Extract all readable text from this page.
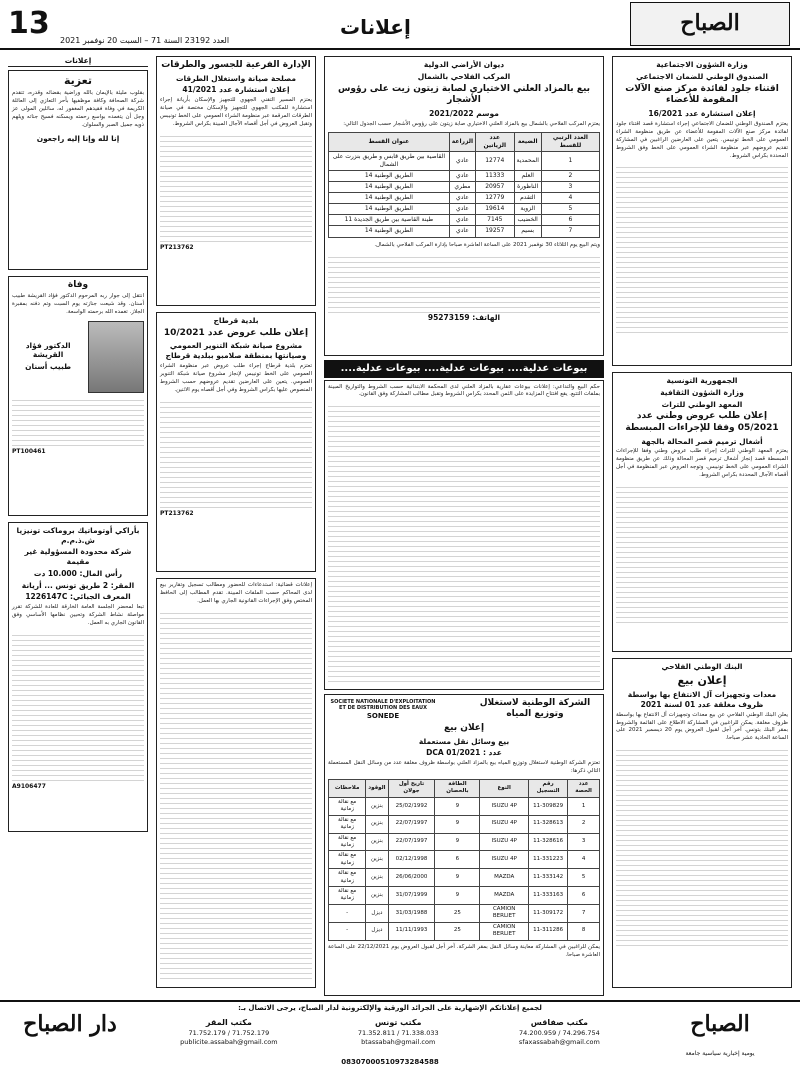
13 العدد 23192 السنة 71 – السبت 20 نوفمبر 2021
إعلانات	الصباح
وزارة الشؤون الاجتماعية
الصندوق الوطني للضمان الاجتماعي
اقتناء جلود لفائدة مركز صنع الآلات المقومة للأعضاء
إعلان استشارة عدد 16/2021
يعتزم الصندوق الوطني للضمان الاجتماعي إجراء استشارة قصد اقتناء جلود لفائدة مركز صنع الآلات المقومة للأعضاء عن طريق منظومة الشراء العمومي على الخط تونيبس. يتعين على العارضين الراغبين في المشاركة تقديم عروضهم عبر منظومة الشراء العمومي على الخط وفق الشروط المحددة بكراس الشروط.
الجمهورية التونسية
وزارة الشؤون الثقافية
المعهد الوطني للتراث
إعلان طلب عروض وطني عدد 05/2021 وفقا للإجراءات المبسطة
أشغال ترميم قصر المحالة بالجهة
يعتزم المعهد الوطني للتراث إجراء طلب عروض وطني وفقا للإجراءات المبسطة قصد إنجاز أشغال ترميم قصر المحالة وذلك عن طريق منظومة الشراء العمومي على الخط تونيبس. وتوجه العروض عبر المنظومة في أجل أقصاه الآجال المحددة بكراس الشروط.
البنك الوطني الفلاحي
إعلان بيع
معدات وتجهيزات آل الانتفاع بها بواسطة ظروف مغلقة عدد 01 لسنة 2021
يعلن البنك الوطني الفلاحي عن بيع معدات وتجهيزات آل الانتفاع بها بواسطة ظروف مغلقة. يمكن للراغبين في المشاركة الاطلاع على القائمة والشروط بمقر البنك بتونس. آخر أجل لقبول العروض يوم 20 ديسمبر 2021 على الساعة الحادية عشر صباحا.
ديوان الأراضي الدولية
المركب الفلاحي بالشمال
بيع بالمزاد العلني الاختياري لصابة زيتون زيت على رؤوس الأشجار
موسم 2021/2022
يعتزم المركب الفلاحي بالشمال بيع بالمزاد العلني الاختياري صابة زيتون على رؤوس الأشجار حسب الجدول التالي:
العدد الرتبي للقسط	الضيعة	عدد الزياتين	الزراعة	عنوان القسط
1	المحمدية	12774	عادي	القاصية بين طريق قابس و طريق بنزرت على الشمال
2	العلم	11333	عادي	الطريق الوطنية 14
3	الناظورة	20957	مطري	الطريق الوطنية 14
4	التقدم	12779	عادي	الطريق الوطنية 14
5	الزوية	19614	عادي	الطريق الوطنية 14
6	الخضيب	7145	عادي	طينة القاصية بين طريق الجديدة 11
7	بسيم	19257	عادي	الطريق الوطنية 14
ويتم البيع يوم الثلاثاء 30 نوفمبر 2021 على الساعة العاشرة صباحا بإدارة المركب الفلاحي بالشمال.
الهاتف: 95273159
بيوعات عدلية.... بيوعات عدلية.... بيوعات عدلية....
حكم البيع والتداعي: إعلانات بيوعات عقارية بالمزاد العلني لدى المحكمة الابتدائية حسب الشروط والتواريخ المبينة بملفات التتبع. يقع افتتاح المزايدة على الثمن المحدد بكراس الشروط وتقبل مطالب المشاركة وفق القانون.
الشركة الوطنية لاستغلال وتوزيع المياه
SOCIETE NATIONALE D'EXPLOITATION ET DE DISTRIBUTION DES EAUX
SONEDE
إعلان بيع
بيع وسائل نقل مستعملة
عدد : DCA 01/2021
تعتزم الشركة الوطنية لاستغلال وتوزيع المياه بيع بالمزاد العلني بواسطة ظروف مغلقة عدد من وسائل النقل المستعملة التالي ذكرها:
عدد الحصة	رقم التسجيل	النوع	الطاقة بالحصان	تاريخ أول جولان	الوقود	ملاحظات
1	11-309829	ISUZU 4P	9	25/02/1992	بنزين	مع نقالة زمانية
2	11-328613	ISUZU 4P	9	22/07/1997	بنزين	مع نقالة زمانية
3	11-328616	ISUZU 4P	9	22/07/1997	بنزين	مع نقالة زمانية
4	11-331223	ISUZU 4P	6	02/12/1998	بنزين	مع نقالة زمانية
5	11-333142	MAZDA	9	26/06/2000	بنزين	مع نقالة زمانية
6	11-333163	MAZDA	9	31/07/1999	بنزين	مع نقالة زمانية
7	11-309172	CAMION BERLIET	25	31/03/1988	ديزل	-
8	11-311286	CAMION BERLIET	25	11/11/1993	ديزل	-
يمكن للراغبين في المشاركة معاينة وسائل النقل بمقر الشركة. آخر أجل لقبول العروض يوم 22/12/2021 على الساعة العاشرة صباحا.
الإدارة الفرعية للجسور والطرقات
مصلحة صيانة واستغلال الطرقات
إعلان استشارة عدد 41/2021
يعتزم المسير التقني الجهوي للتجهيز والإسكان بأريانة إجراء استشارة للمكتب الجهوي للتجهيز والإسكان مختصة في صيانة الطرقات المرقمة عبر منظومة الشراء العمومي على الخط تونيبس وتقبل العروض في أجل أقصاه الآجال المبينة بكراس الشروط.
PT213762
بلدية قرطاج
إعلان طلب عروض عدد 10/2021
مشروع صيانة شبكة التنوير العمومي وصيانتها بمنطقة صلامبو ببلدية قرطاج
تعتزم بلدية قرطاج إجراء طلب عروض عبر منظومة الشراء العمومي على الخط تونيبس لإنجاز مشروع صيانة شبكة التنوير العمومي. يتعين على العارضين تقديم عروضهم حسب الشروط المنصوص عليها بكراس الشروط وفي أجل أقصاه يوم الاثنين.
PT213762
إعلانات قضائية: استدعاءات للحضور ومطالب تسجيل وتقارير بيع لدى المحاكم حسب الملفات المبينة. تقدم المطالب إلى الحافظ المختص وفق الإجراءات القانونية الجاري بها العمل.
إعلانات
تعزية
بقلوب مليئة بالإيمان بالله وراضية بقضائه وقدره، تتقدم شركة الصحافة وكافة موظفيها بأحر التعازي إلى العائلة الكريمة في وفاة فقيدهم المغفور له، سائلين المولى عز وجل أن يتغمده بواسع رحمته ويسكنه فسيح جناته ويلهم ذويه جميل الصبر والسلوان.
إنا لله وإنا إليه راجعون
وفاة
انتقل إلى جوار ربه المرحوم الدكتور فؤاد القريشة طبيب أسنان. وقد شيعت جنازته يوم السبت وتم دفنه بمقبرة الجلاز. تغمده الله برحمته الواسعة.
الدكتور فؤاد القريشة
طبيب أسنان
PT100461
بأراكي أوتوماتيك بروماكت تونيزيا ش.ذ.م.م
شركة محدودة المسؤولية غير مقيمة
رأس المال: 10.000 دت
المقر: 2 طريق تونس ... أريانة
المعرف الجبائي: 1226147C
تبعا لمحضر الجلسة العامة الخارقة للعادة للشركة تقرر مواصلة نشاط الشركة وتحيين نظامها الأساسي وفق القانون الجاري به العمل.
A9106477
دار الصباح
لجميع إعلاناتكم الإشهارية على الجرائد الورقية والإلكترونية لدار الصباح، يرجى الاتصال بـ:
مكتب صفاقس
74.200.959 / 74.296.754
sfaxassabah@gmail.com
مكتب تونس
71.352.811 / 71.338.033
btassabah@gmail.com
مكتب المقر
71.752.179 / 71.752.179
publicite.assabah@gmail.com
08307000510973284588
الصباح
يومية إخبارية سياسية جامعة
